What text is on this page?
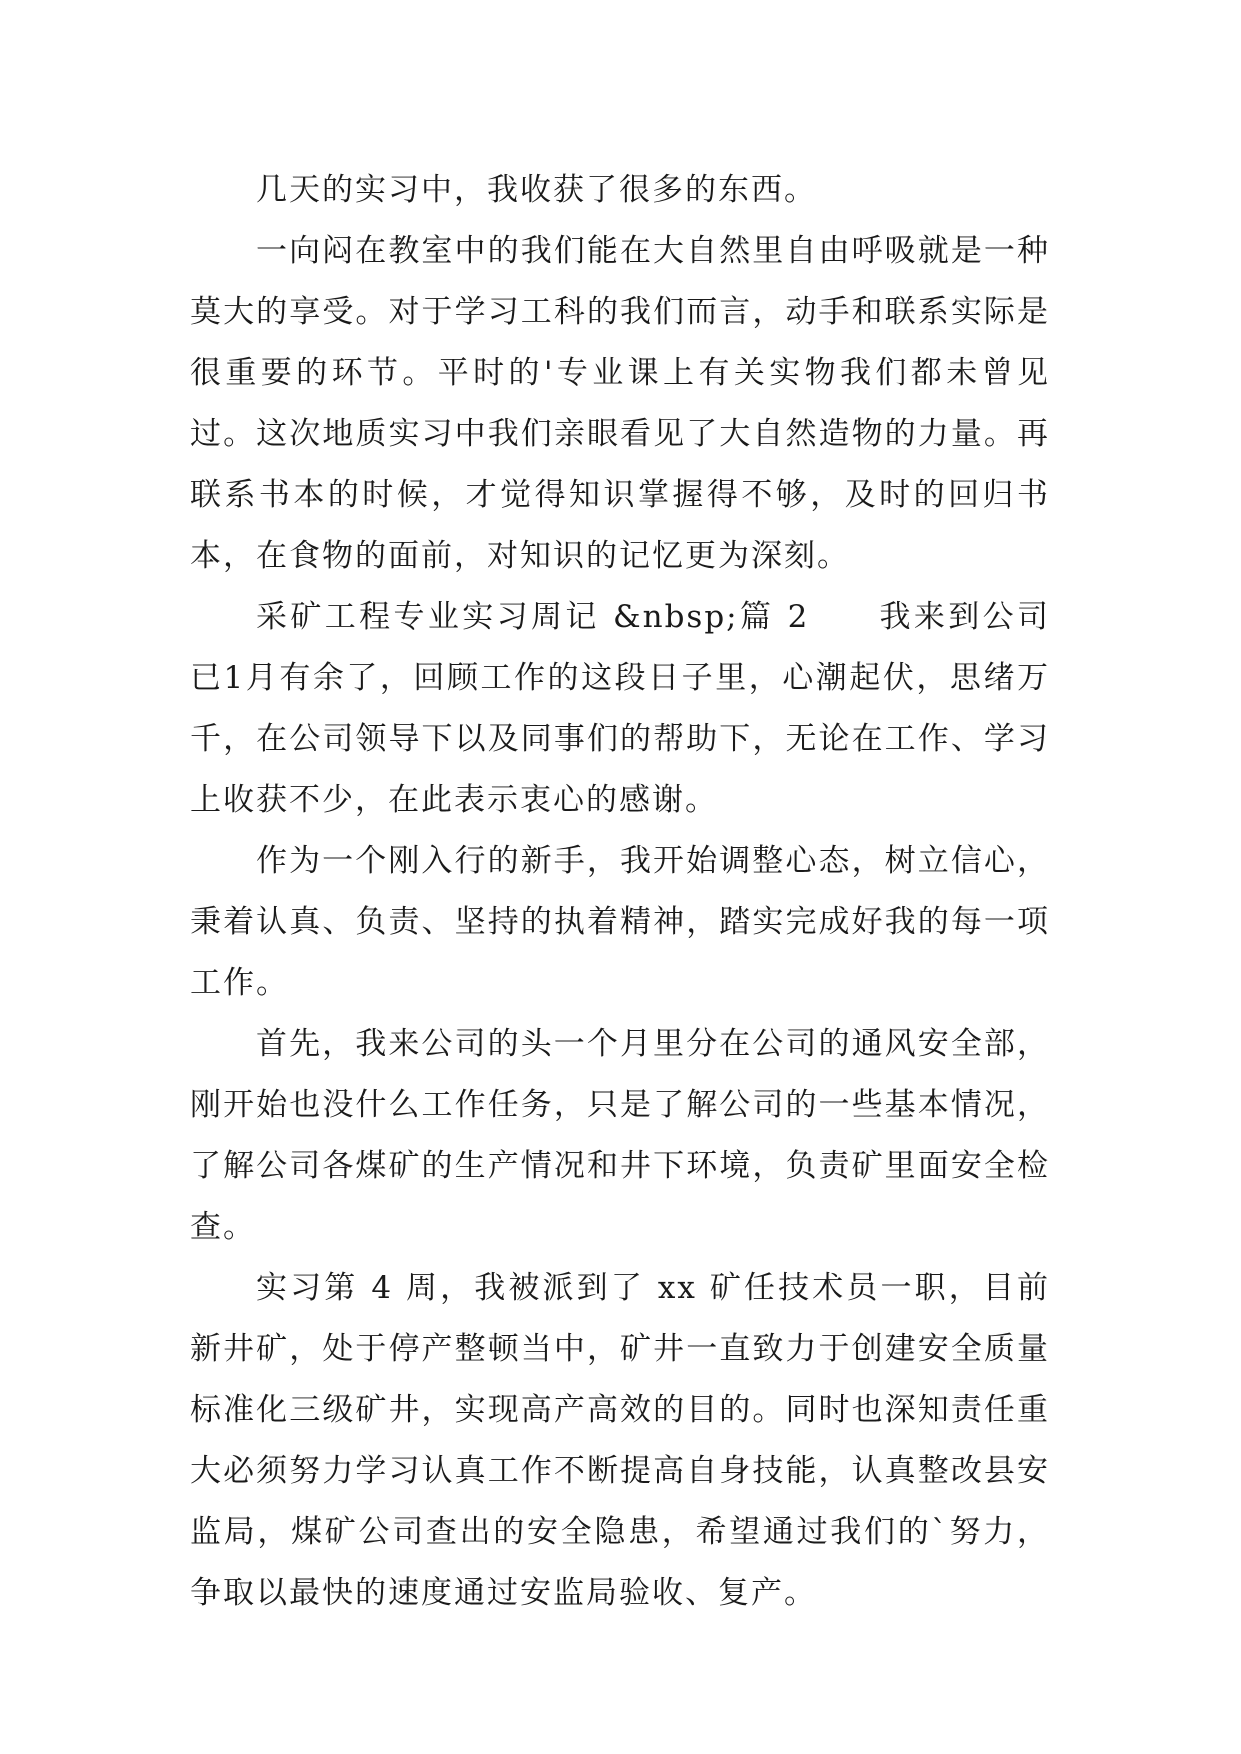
几天的实习中，我收获了很多的东西。

一向闷在教室中的我们能在大自然里自由呼吸就是一种莫大的享受。对于学习工科的我们而言，动手和联系实际是很重要的环节。平时的'专业课上有关实物我们都未曾见过。这次地质实习中我们亲眼看见了大自然造物的力量。再联系书本的时候，才觉得知识掌握得不够，及时的回归书本，在食物的面前，对知识的记忆更为深刻。

采矿工程专业实习周记 &nbsp;篇 2　　我来到公司已1月有余了，回顾工作的这段日子里，心潮起伏，思绪万千，在公司领导下以及同事们的帮助下，无论在工作、学习上收获不少，在此表示衷心的感谢。

作为一个刚入行的新手，我开始调整心态，树立信心，秉着认真、负责、坚持的执着精神，踏实完成好我的每一项工作。

首先，我来公司的头一个月里分在公司的通风安全部，刚开始也没什么工作任务，只是了解公司的一些基本情况，了解公司各煤矿的生产情况和井下环境，负责矿里面安全检查。

实习第 4 周，我被派到了 xx 矿任技术员一职，目前新井矿，处于停产整顿当中，矿井一直致力于创建安全质量标准化三级矿井，实现高产高效的目的。同时也深知责任重大必须努力学习认真工作不断提高自身技能，认真整改县安监局，煤矿公司查出的安全隐患，希望通过我们的`努力，争取以最快的速度通过安监局验收、复产。
